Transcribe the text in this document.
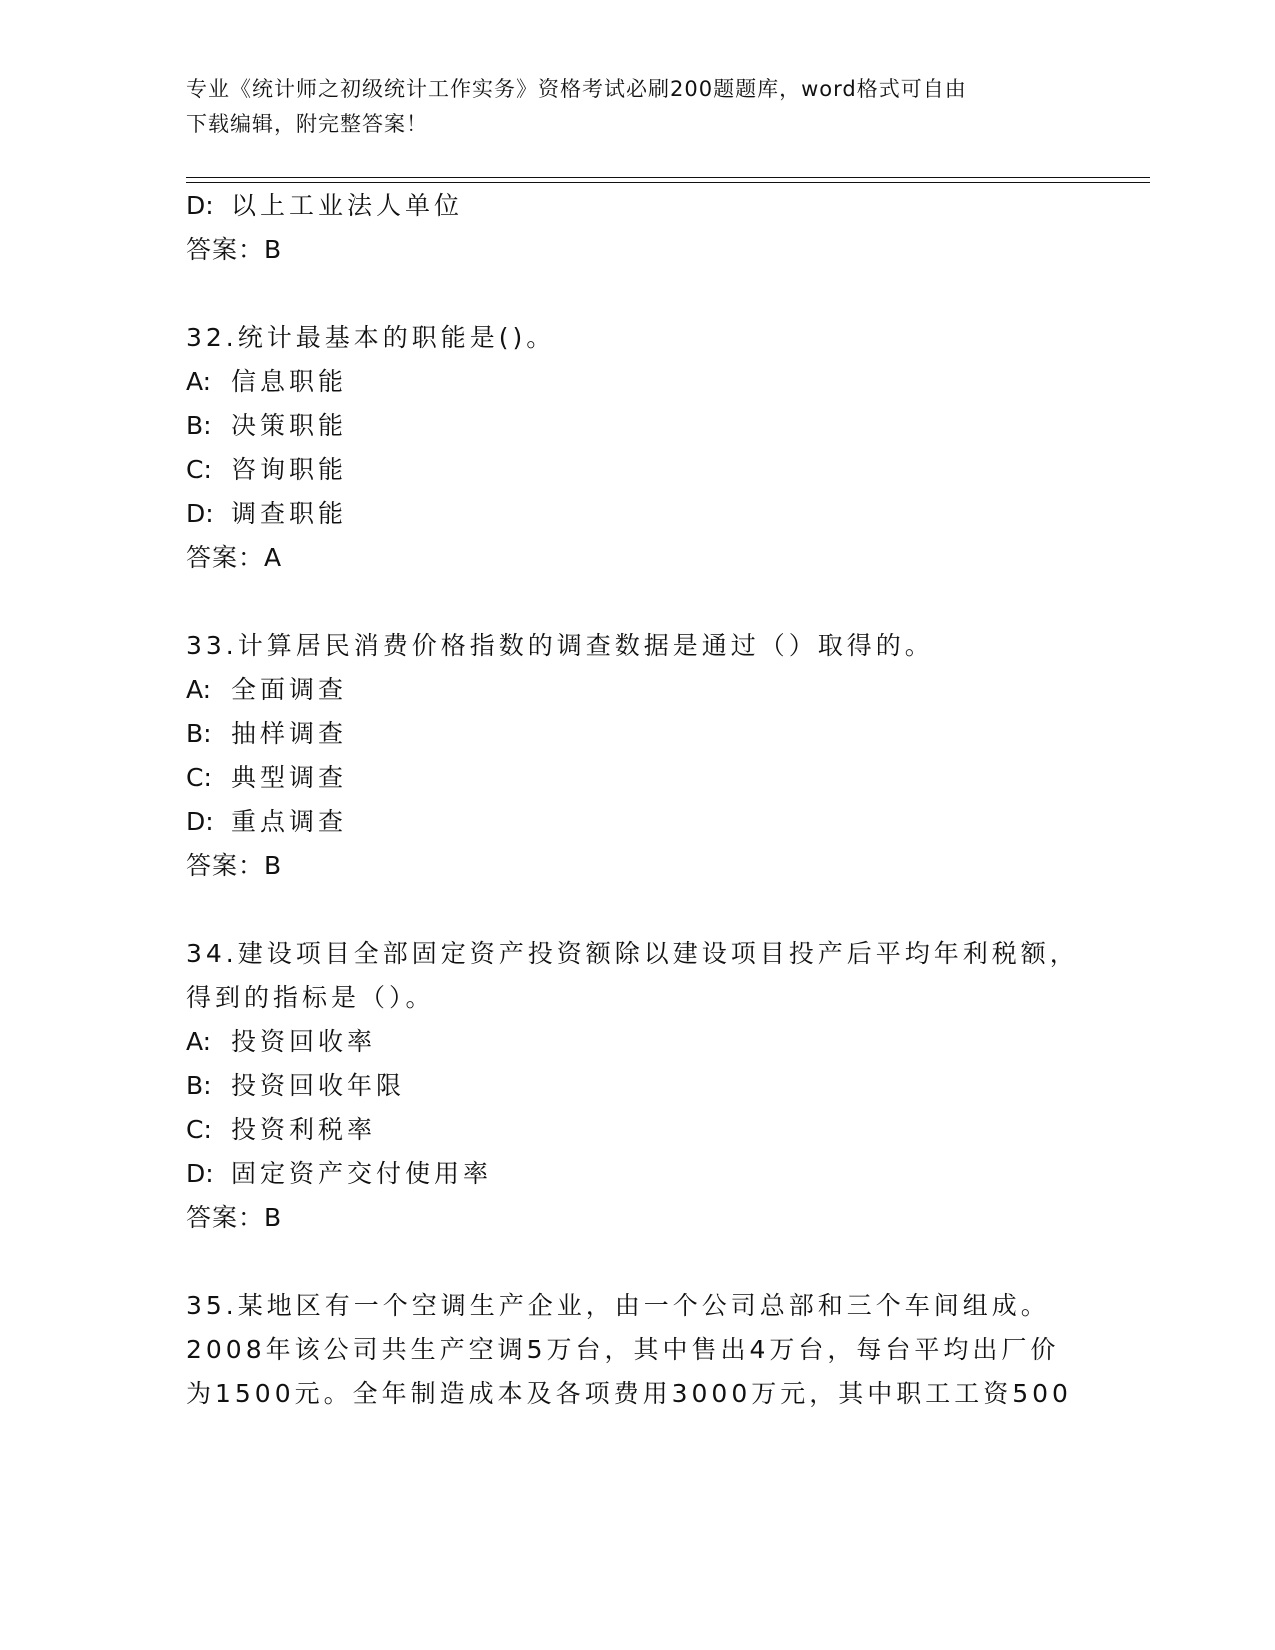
专业《统计师之初级统计工作实务》资格考试必刷200题题库，word格式可自由
下载编辑，附完整答案！
D: 以上工业法人单位
答案：B
32.统计最基本的职能是()。
A: 信息职能
B: 决策职能
C: 咨询职能
D: 调查职能
答案：A
33.计算居民消费价格指数的调查数据是通过（）取得的。
A: 全面调查
B: 抽样调查
C: 典型调查
D: 重点调查
答案：B
34.建设项目全部固定资产投资额除以建设项目投产后平均年利税额，
得到的指标是（）。
A: 投资回收率
B: 投资回收年限
C: 投资利税率
D: 固定资产交付使用率
答案：B
35.某地区有一个空调生产企业，由一个公司总部和三个车间组成。
2008年该公司共生产空调5万台，其中售出4万台，每台平均出厂价
为1500元。全年制造成本及各项费用3000万元，其中职工工资500
